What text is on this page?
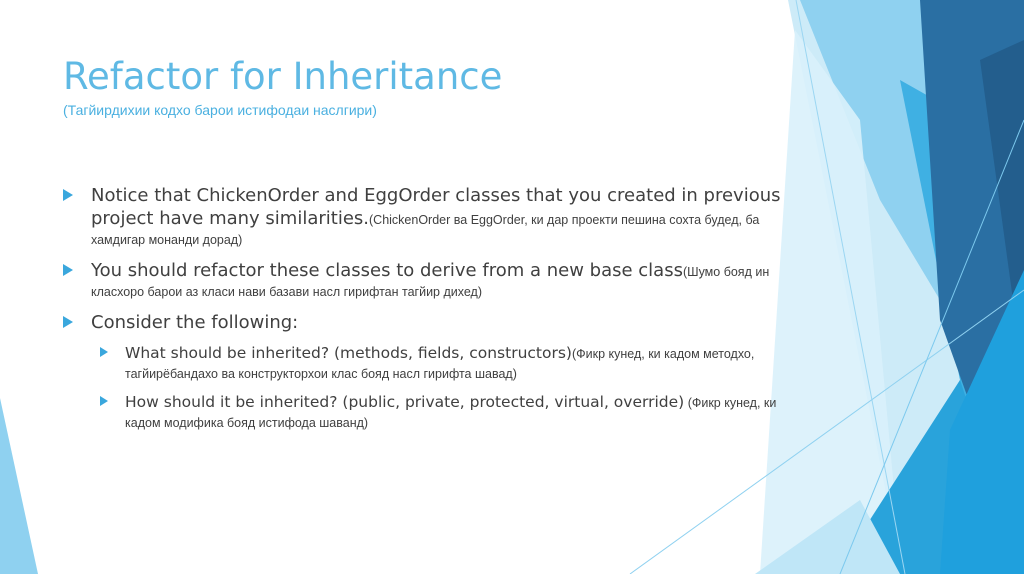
Refactor for Inheritance
(Тагйирдихии кодхо барои истифодаи наслгири)
Notice that ChickenOrder and EggOrder classes that you created in previous project have many similarities.(ChickenOrder ва EggOrder, ки дар проекти пешина сохта будед, ба хамдигар монанди дорад)
You should refactor these classes to derive from a new base class(Шумо бояд ин класхоро барои аз класи нави базави насл гирифтан тагйир дихед)
Consider the following:
What should be inherited? (methods, fields, constructors)(Фикр кунед, ки кадом методхо, тагйирёбандахо ва конструкторхои клас бояд насл гирифта шавад)
How should it be inherited? (public, private, protected, virtual, override) (Фикр кунед, ки кадом модифика бояд истифода шаванд)
